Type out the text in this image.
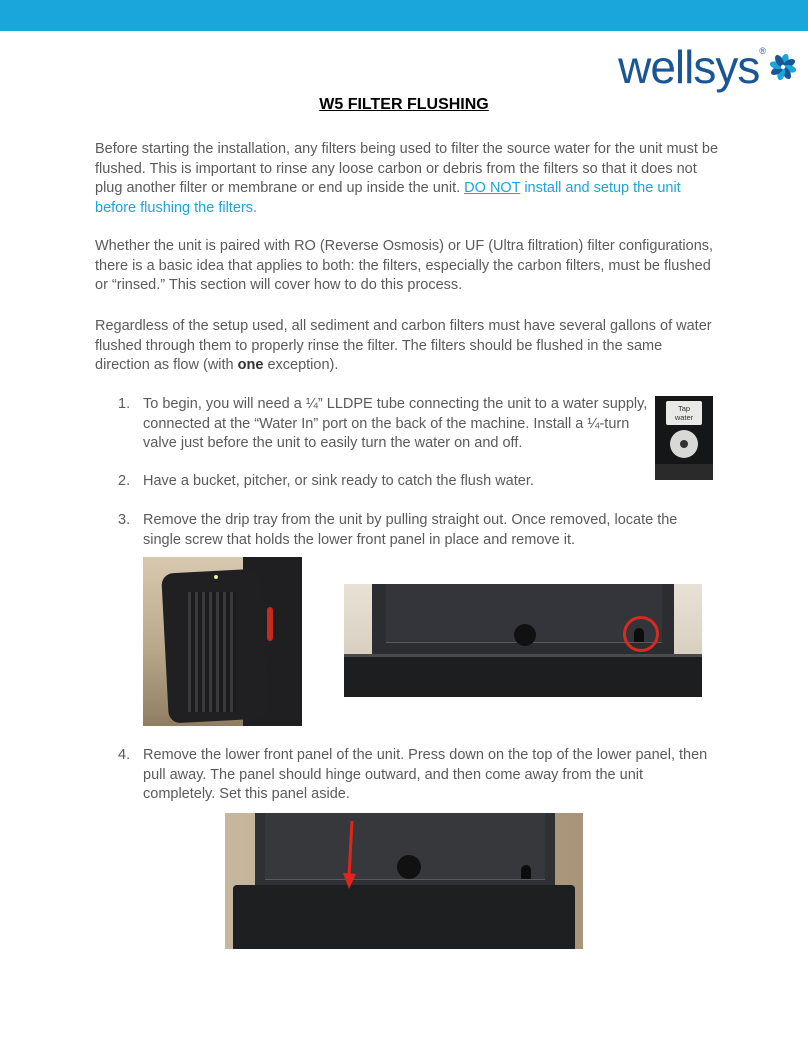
wellsys ®
W5 FILTER FLUSHING

Before starting the installation, any filters being used to filter the source water for the unit must be flushed. This is important to rinse any loose carbon or debris from the filters so that it does not plug another filter or membrane or end up inside the unit. DO NOT install and setup the unit before flushing the filters.

Whether the unit is paired with RO (Reverse Osmosis) or UF (Ultra filtration) filter configurations, there is a basic idea that applies to both: the filters, especially the carbon filters, must be flushed or “rinsed.” This section will cover how to do this process.

Regardless of the setup used, all sediment and carbon filters must have several gallons of water flushed through them to properly rinse the filter. The filters should be flushed in the same direction as flow (with one exception).

1. To begin, you will need a ¼” LLDPE tube connecting the unit to a water supply, connected at the “Water In” port on the back of the machine. Install a ¼-turn valve just before the unit to easily turn the water on and off.
Tap
water
2. Have a bucket, pitcher, or sink ready to catch the flush water.
3. Remove the drip tray from the unit by pulling straight out. Once removed, locate the single screw that holds the lower front panel in place and remove it.
4. Remove the lower front panel of the unit. Press down on the top of the lower panel, then pull away. The panel should hinge outward, and then come away from the unit completely. Set this panel aside.
